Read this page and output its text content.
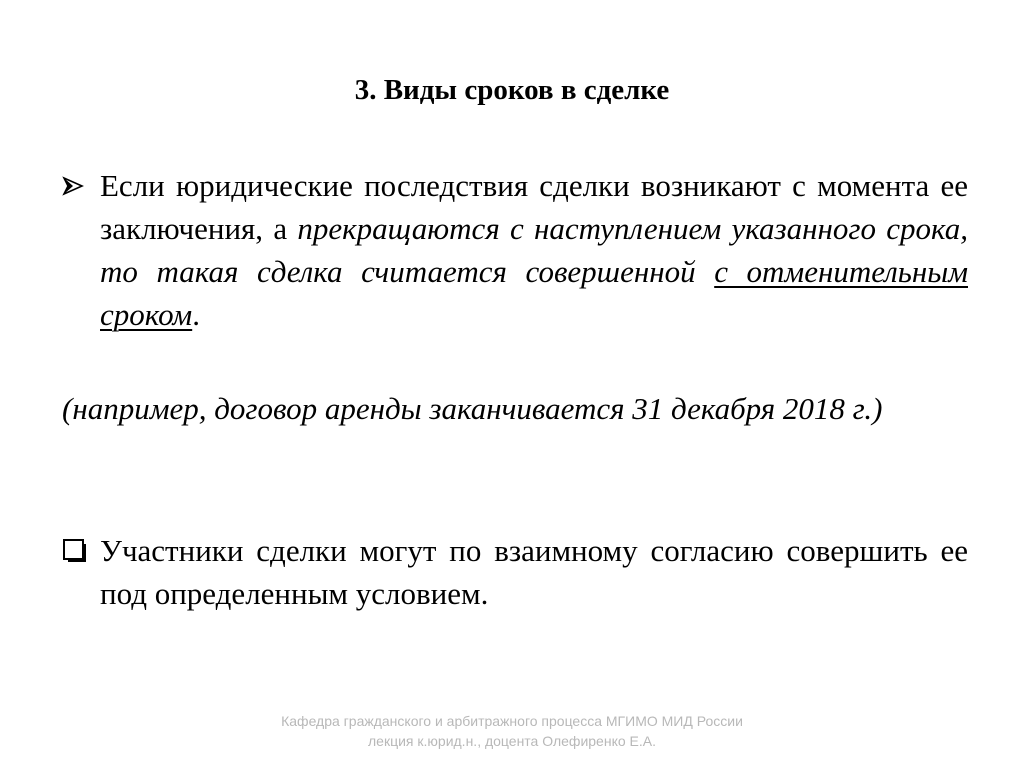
3. Виды сроков в сделке
Если юридические последствия сделки возникают с момента ее заключения, а прекращаются с наступлением указанного срока, то такая сделка считается совершенной с отменительным сроком.
(например, договор аренды заканчивается 31 декабря 2018 г.)
Участники сделки могут по взаимному согласию совершить ее под определенным условием.
Кафедра гражданского и арбитражного процесса МГИМО МИД России
лекция к.юрид.н., доцента Олефиренко Е.А.
